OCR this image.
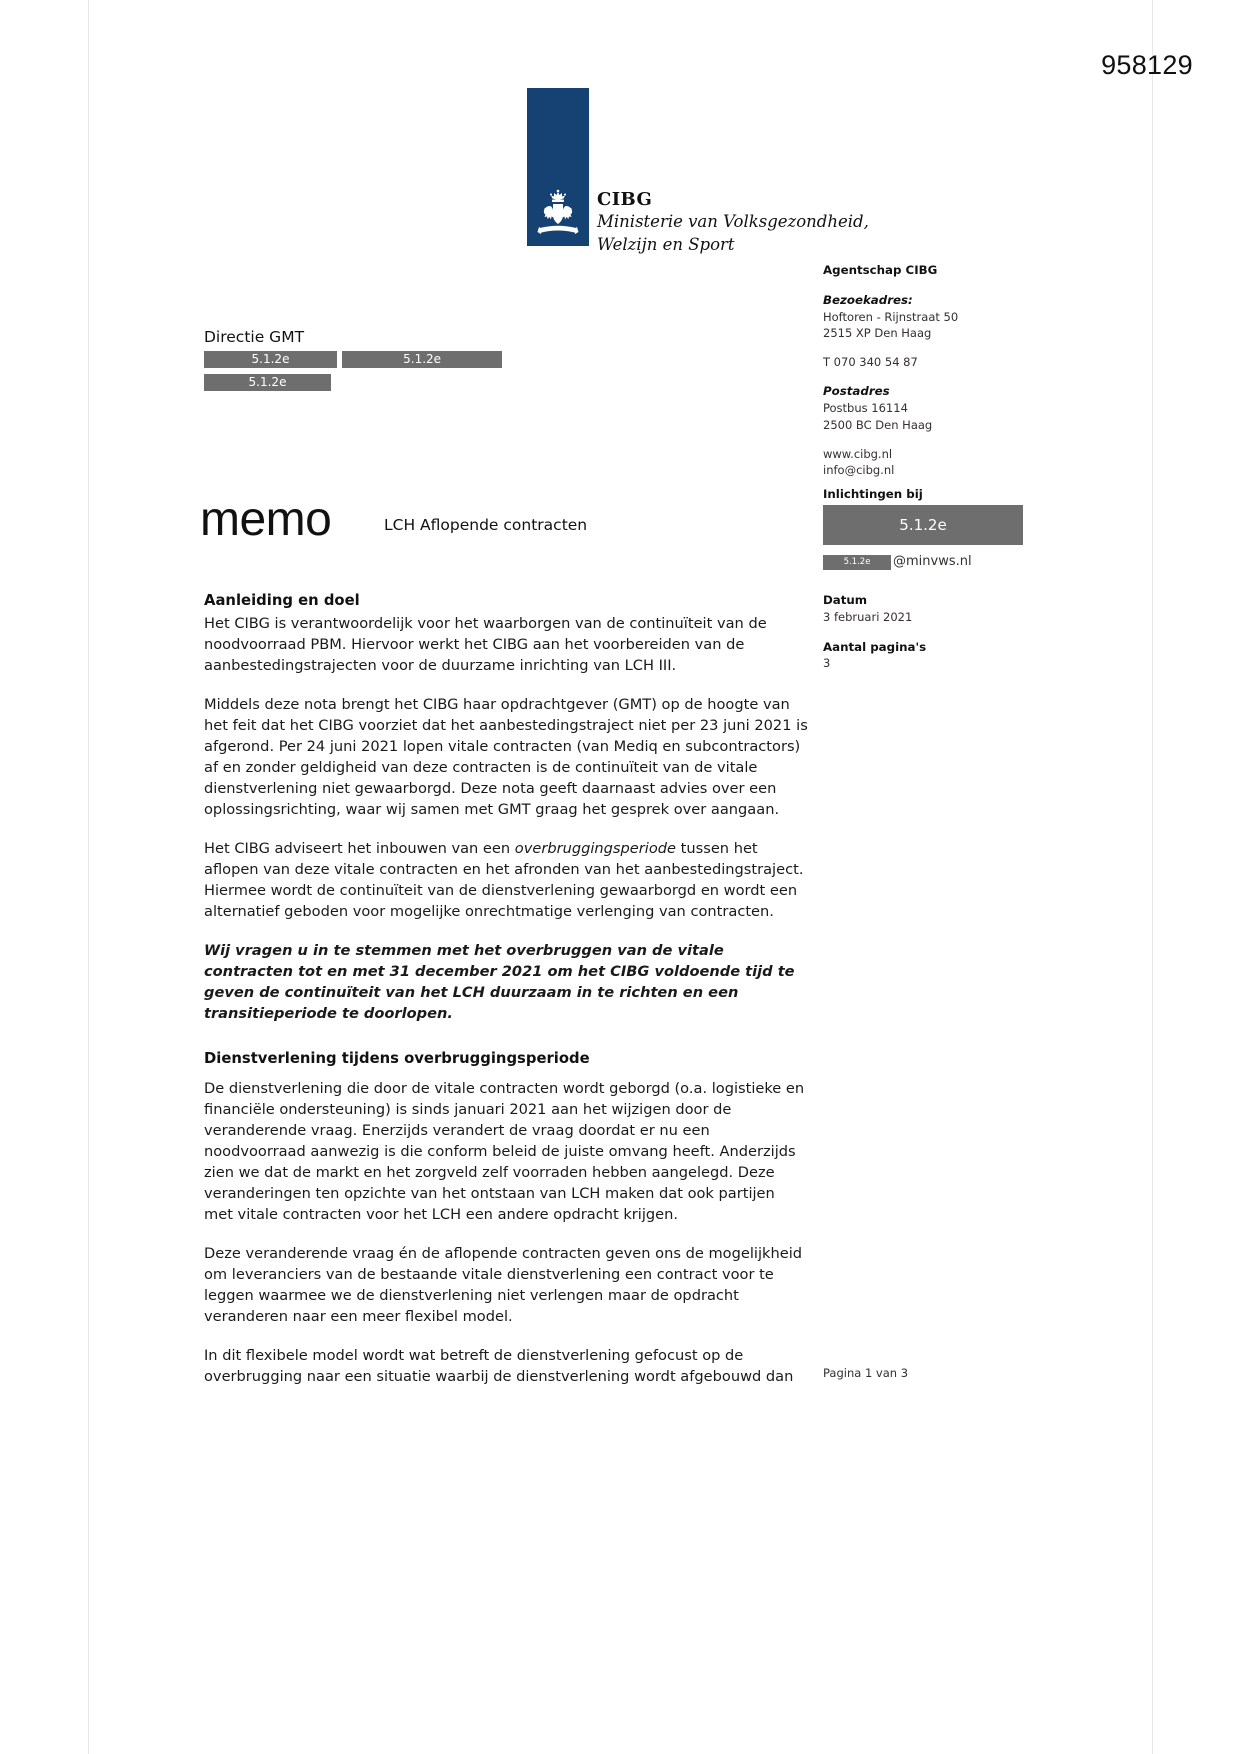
958129
CIBG
Ministerie van Volksgezondheid,
Welzijn en Sport
Agentschap CIBG
Bezoekadres:
Hoftoren - Rijnstraat 50
2515 XP Den Haag
T 070 340 54 87
Postadres
Postbus 16114
2500 BC Den Haag
www.cibg.nl
info@cibg.nl
Inlichtingen bij
5.1.2e
5.1.2e @minvws.nl
Datum
3 februari 2021
Aantal pagina's
3
Directie GMT
5.1.2e	5.1.2e 5.1.2e
memo	LCH Aflopende contracten
Aanleiding en doel

Het CIBG is verantwoordelijk voor het waarborgen van de continuïteit van de noodvoorraad PBM. Hiervoor werkt het CIBG aan het voorbereiden van de aanbestedingstrajecten voor de duurzame inrichting van LCH III.

Middels deze nota brengt het CIBG haar opdrachtgever (GMT) op de hoogte van het feit dat het CIBG voorziet dat het aanbestedingstraject niet per 23 juni 2021 is afgerond. Per 24 juni 2021 lopen vitale contracten (van Mediq en subcontractors) af en zonder geldigheid van deze contracten is de continuïteit van de vitale dienstverlening niet gewaarborgd. Deze nota geeft daarnaast advies over een oplossingsrichting, waar wij samen met GMT graag het gesprek over aangaan.

Het CIBG adviseert het inbouwen van een overbruggingsperiode tussen het aflopen van deze vitale contracten en het afronden van het aanbestedingstraject. Hiermee wordt de continuïteit van de dienstverlening gewaarborgd en wordt een alternatief geboden voor mogelijke onrechtmatige verlenging van contracten.

Wij vragen u in te stemmen met het overbruggen van de vitale contracten tot en met 31 december 2021 om het CIBG voldoende tijd te geven de continuïteit van het LCH duurzaam in te richten en een transitieperiode te doorlopen.

Dienstverlening tijdens overbruggingsperiode

De dienstverlening die door de vitale contracten wordt geborgd (o.a. logistieke en financiële ondersteuning) is sinds januari 2021 aan het wijzigen door de veranderende vraag. Enerzijds verandert de vraag doordat er nu een noodvoorraad aanwezig is die conform beleid de juiste omvang heeft. Anderzijds zien we dat de markt en het zorgveld zelf voorraden hebben aangelegd. Deze veranderingen ten opzichte van het ontstaan van LCH maken dat ook partijen met vitale contracten voor het LCH een andere opdracht krijgen.

Deze veranderende vraag én de aflopende contracten geven ons de mogelijkheid om leveranciers van de bestaande vitale dienstverlening een contract voor te leggen waarmee we de dienstverlening niet verlengen maar de opdracht veranderen naar een meer flexibel model.

In dit flexibele model wordt wat betreft de dienstverlening gefocust op de overbrugging naar een situatie waarbij de dienstverlening wordt afgebouwd dan	Pagina 1 van 3
